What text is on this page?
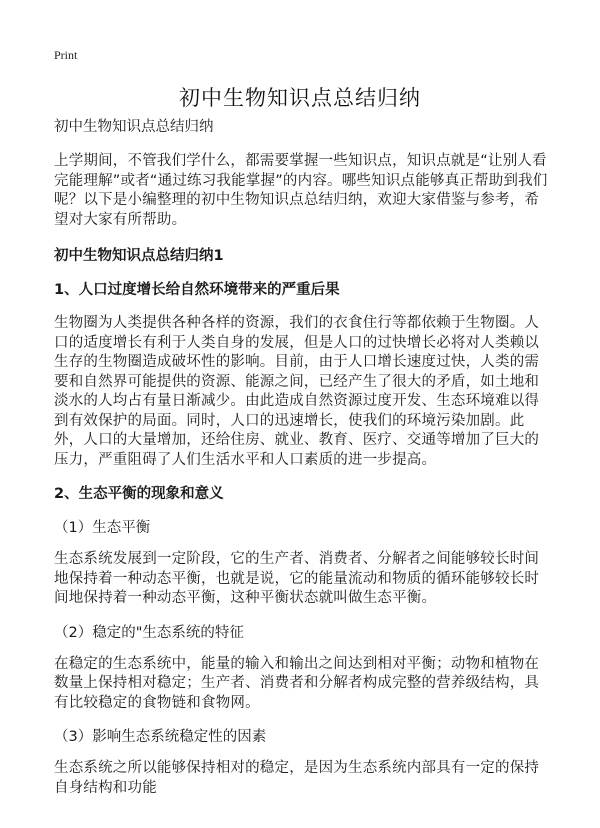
Print
初中生物知识点总结归纳

初中生物知识点总结归纳

上学期间，不管我们学什么，都需要掌握一些知识点，知识点就是“让别人看完能理解”或者“通过练习我能掌握”的内容。哪些知识点能够真正帮助到我们呢？以下是小编整理的初中生物知识点总结归纳，欢迎大家借鉴与参考，希望对大家有所帮助。

初中生物知识点总结归纳1

1、人口过度增长给自然环境带来的严重后果

生物圈为人类提供各种各样的资源，我们的衣食住行等都依赖于生物圈。人口的适度增长有利于人类自身的发展，但是人口的过快增长必将对人类赖以生存的生物圈造成破坏性的影响。目前，由于人口增长速度过快，人类的需要和自然界可能提供的资源、能源之间，已经产生了很大的矛盾，如土地和淡水的人均占有量日渐减少。由此造成自然资源过度开发、生态环境难以得到有效保护的局面。同时，人口的迅速增长，使我们的环境污染加剧。此外，人口的大量增加，还给住房、就业、教育、医疗、交通等增加了巨大的压力，严重阻碍了人们生活水平和人口素质的进一步提高。

2、生态平衡的现象和意义

（1）生态平衡

生态系统发展到一定阶段，它的生产者、消费者、分解者之间能够较长时间地保持着一种动态平衡，也就是说，它的能量流动和物质的循环能够较长时间地保持着一种动态平衡，这种平衡状态就叫做生态平衡。

（2）稳定的"生态系统的特征

在稳定的生态系统中，能量的输入和输出之间达到相对平衡；动物和植物在数量上保持相对稳定；生产者、消费者和分解者构成完整的营养级结构，具有比较稳定的食物链和食物网。

（3）影响生态系统稳定性的因素

生态系统之所以能够保持相对的稳定，是因为生态系统内部具有一定的保持自身结构和功能
